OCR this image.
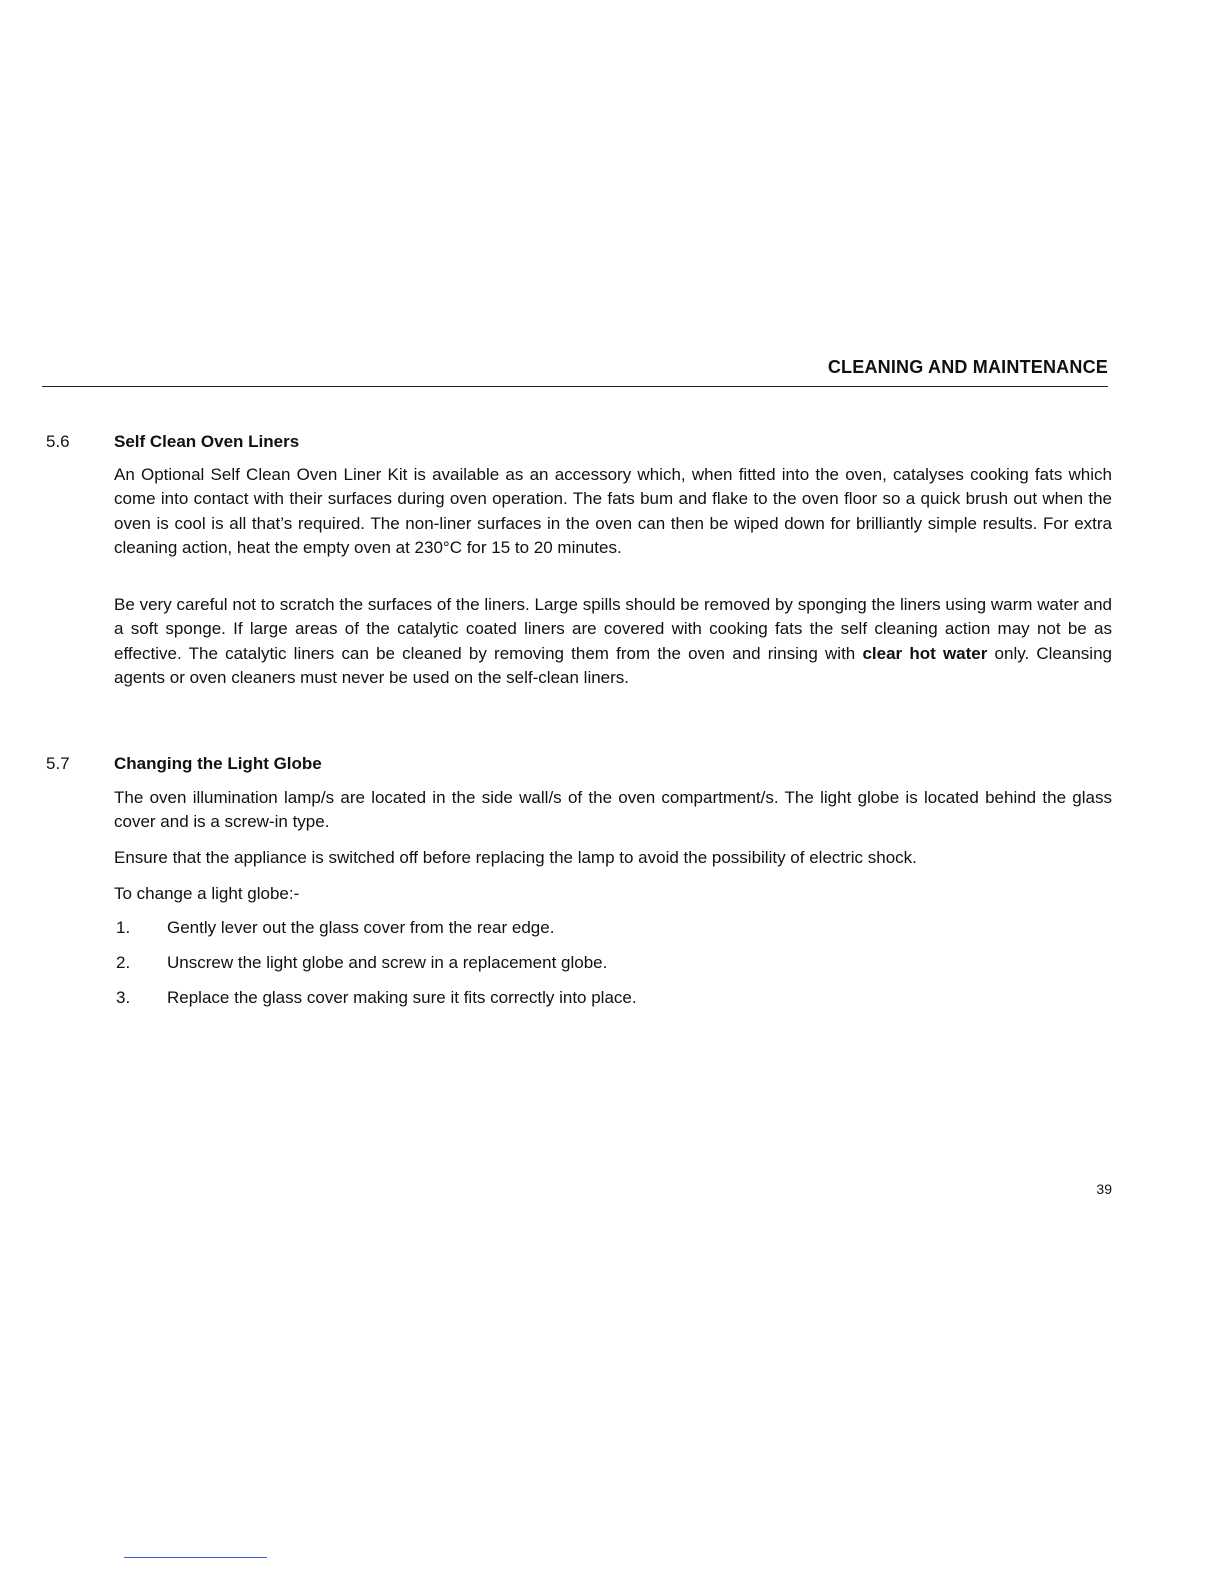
CLEANING AND MAINTENANCE
5.6	Self Clean Oven Liners

An Optional Self Clean Oven Liner Kit is available as an accessory which, when fitted into the oven, catalyses cooking fats which come into contact with their surfaces during oven operation. The fats bum and flake to the oven floor so a quick brush out when the oven is cool is all that’s required. The non-liner surfaces in the oven can then be wiped down for brilliantly simple results. For extra cleaning action, heat the empty oven at 230°C for 15 to 20 minutes.

Be very careful not to scratch the surfaces of the liners. Large spills should be removed by sponging the liners using warm water and a soft sponge. If large areas of the catalytic coated liners are covered with cooking fats the self cleaning action may not be as effective. The catalytic liners can be cleaned by removing them from the oven and rinsing with clear hot water only. Cleansing agents or oven cleaners must never be used on the self-clean liners.

5.7	Changing the Light Globe

The oven illumination lamp/s are located in the side wall/s of the oven compartment/s. The light globe is located behind the glass cover and is a screw-in type.

Ensure that the appliance is switched off before replacing the lamp to avoid the possibility of electric shock.

To change a light globe:-

1. Gently lever out the glass cover from the rear edge.
2. Unscrew the light globe and screw in a replacement globe.
3. Replace the glass cover making sure it fits correctly into place.
39
